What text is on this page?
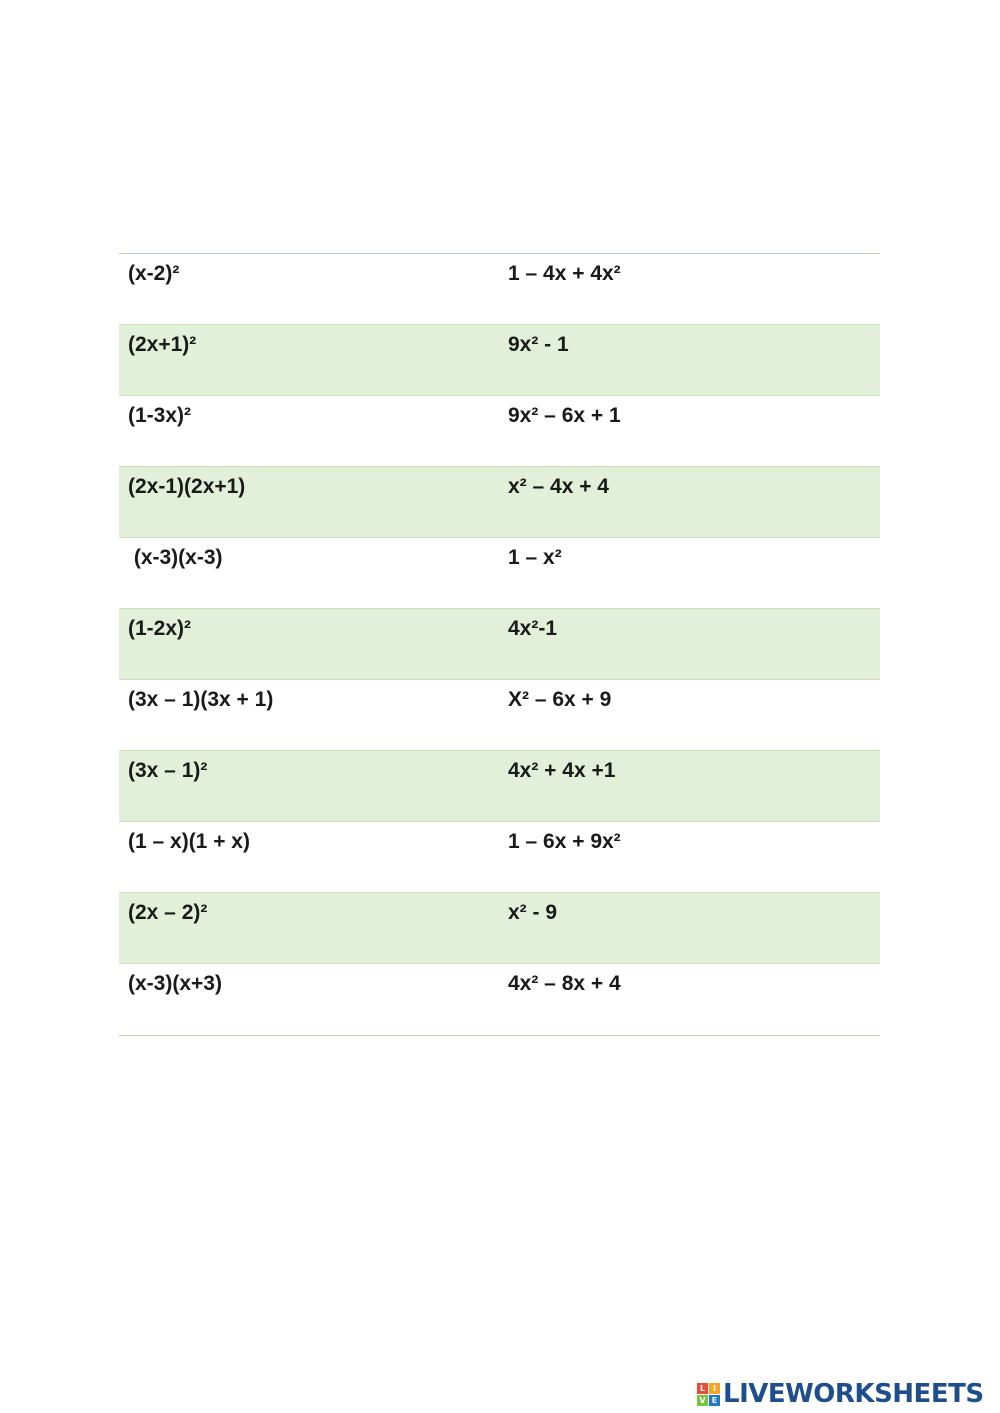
(x-2)²	1 – 4x + 4x²
(2x+1)²	9x² - 1
(1-3x)²	9x² – 6x + 1
(2x-1)(2x+1)	x² – 4x + 4
(x-3)(x-3)	1 – x²
(1-2x)²	4x²-1
(3x – 1)(3x + 1)	X² – 6x + 9
(3x – 1)²	4x² + 4x +1
(1 – x)(1 + x)	1 – 6x + 9x²
(2x – 2)²	x² - 9
(x-3)(x+3)	4x² – 8x + 4
L I
V E LIVEWORKSHEETS
